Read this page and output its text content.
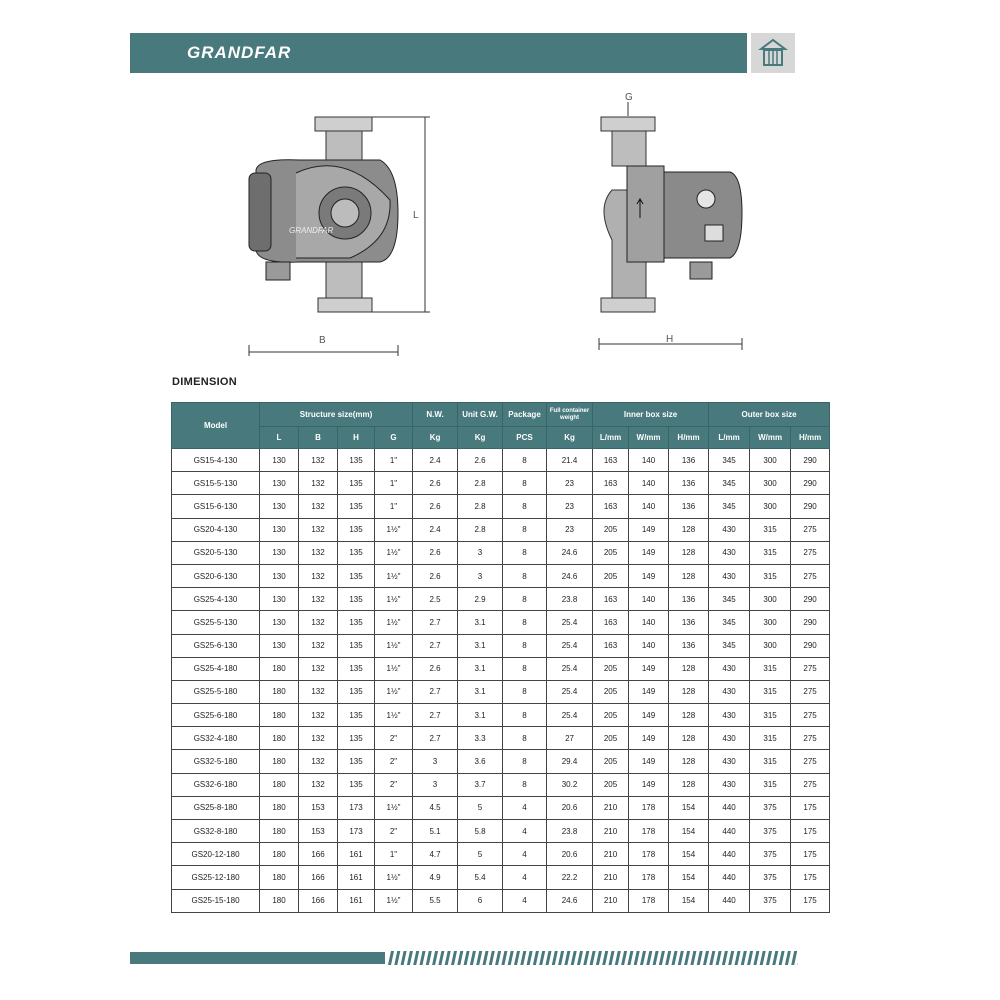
GRANDFAR
GRANDFAR
B
L
G
H
DIMENSION
Model	Structure size(mm)				N.W.	Unit G.W.	Package	Full container weight	Inner box size			Outer box size		
	L	B	H	G	Kg	Kg	PCS	Kg	L/mm	W/mm	H/mm	L/mm	W/mm	H/mm
GS15-4-130	130	132	135	1"	2.4	2.6	8	21.4	163	140	136	345	300	290
GS15-5-130	130	132	135	1"	2.6	2.8	8	23	163	140	136	345	300	290
GS15-6-130	130	132	135	1"	2.6	2.8	8	23	163	140	136	345	300	290
GS20-4-130	130	132	135	1½"	2.4	2.8	8	23	205	149	128	430	315	275
GS20-5-130	130	132	135	1½"	2.6	3	8	24.6	205	149	128	430	315	275
GS20-6-130	130	132	135	1½"	2.6	3	8	24.6	205	149	128	430	315	275
GS25-4-130	130	132	135	1½"	2.5	2.9	8	23.8	163	140	136	345	300	290
GS25-5-130	130	132	135	1½"	2.7	3.1	8	25.4	163	140	136	345	300	290
GS25-6-130	130	132	135	1½"	2.7	3.1	8	25.4	163	140	136	345	300	290
GS25-4-180	180	132	135	1½"	2.6	3.1	8	25.4	205	149	128	430	315	275
GS25-5-180	180	132	135	1½"	2.7	3.1	8	25.4	205	149	128	430	315	275
GS25-6-180	180	132	135	1½"	2.7	3.1	8	25.4	205	149	128	430	315	275
GS32-4-180	180	132	135	2"	2.7	3.3	8	27	205	149	128	430	315	275
GS32-5-180	180	132	135	2"	3	3.6	8	29.4	205	149	128	430	315	275
GS32-6-180	180	132	135	2"	3	3.7	8	30.2	205	149	128	430	315	275
GS25-8-180	180	153	173	1½"	4.5	5	4	20.6	210	178	154	440	375	175
GS32-8-180	180	153	173	2"	5.1	5.8	4	23.8	210	178	154	440	375	175
GS20-12-180	180	166	161	1"	4.7	5	4	20.6	210	178	154	440	375	175
GS25-12-180	180	166	161	1½"	4.9	5.4	4	22.2	210	178	154	440	375	175
GS25-15-180	180	166	161	1½"	5.5	6	4	24.6	210	178	154	440	375	175
